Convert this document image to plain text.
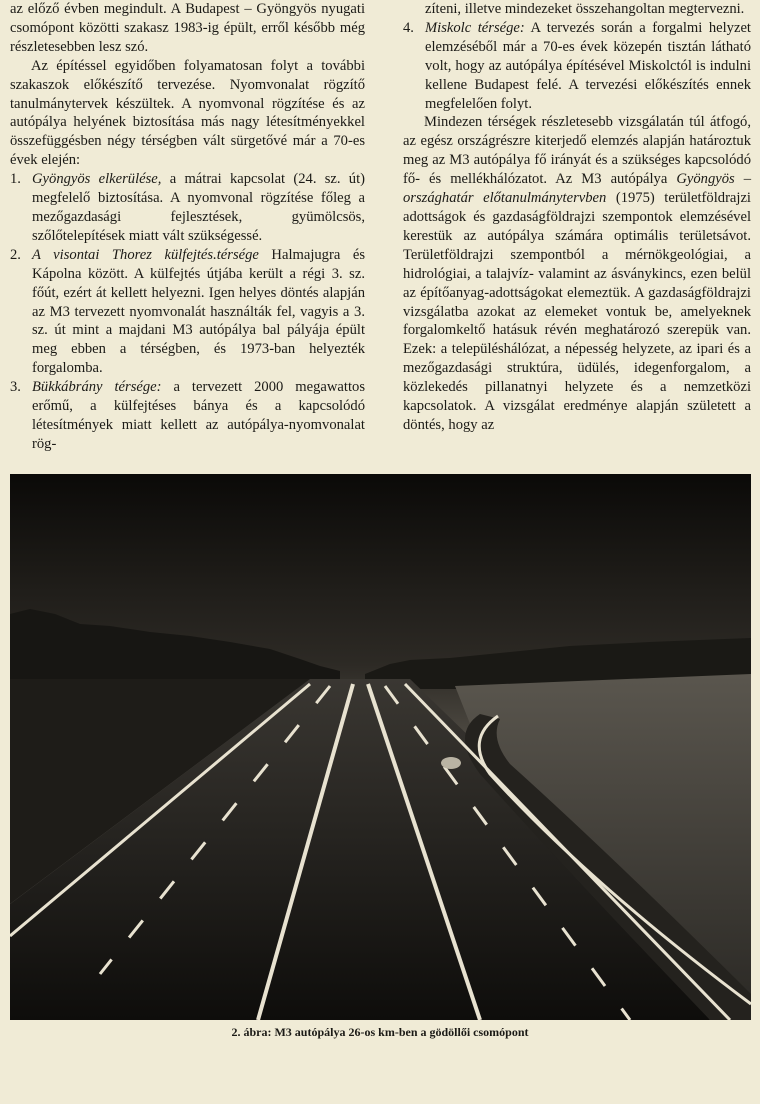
az előző évben megindult. A Budapest – Gyöngyös nyugati csomópont közötti szakasz 1983-ig épült, erről később még részletesebben lesz szó.

Az építéssel egyidőben folyamatosan folyt a további szakaszok előkészítő tervezése. Nyomvonalat rögzítő tanulmánytervek készültek. A nyomvonal rögzítése és az autópálya helyének biztosítása más nagy létesítményekkel összefüggésben négy térségben vált sürgetővé már a 70-es évek elején:

1. Gyöngyös elkerülése, a mátrai kapcsolat (24. sz. út) megfelelő biztosítása. A nyomvonal rögzítése főleg a mezőgazdasági fejlesztések, gyümölcsös, szőlőtelepítések miatt vált szükségessé.
2. A visontai Thorez külfejtés.térsége Halmajugra és Kápolna között. A külfejtés útjába került a régi 3. sz. főút, ezért át kellett helyezni. Igen helyes döntés alapján az M3 tervezett nyomvonalát használták fel, vagyis a 3. sz. út mint a majdani M3 autópálya bal pályája épült meg ebben a térségben, és 1973-ban helyezték forgalomba.
3. Bükkábrány térsége: a tervezett 2000 megawattos erőmű, a külfejtéses bánya és a kapcsolódó létesítmények miatt kellett az autópálya-nyomvonalat rög-

zíteni, illetve mindezeket összehangoltan megtervezni.

4. Miskolc térsége: A tervezés során a forgalmi helyzet elemzéséből már a 70-es évek közepén tisztán látható volt, hogy az autópálya építésével Miskolctól is indulni kellene Budapest felé. A tervezési előkészítés ennek megfelelően folyt.

Mindezen térségek részletesebb vizsgálatán túl átfogó, az egész országrészre kiterjedő elemzés alapján határoztuk meg az M3 autópálya fő irányát és a szükséges kapcsolódó fő- és mellékhálózatot. Az M3 autópálya Gyöngyös – országhatár előtanulmánytervben (1975) területföldrajzi adottságok és gazdaságföldrajzi szempontok elemzésével kerestük az autópálya számára optimális területsávot. Területföldrajzi szempontból a mérnökgeológiai, a hidrológiai, a talajvíz- valamint az ásványkincs, ezen belül az építőanyag-adottságokat elemeztük. A gazdaságföldrajzi vizsgálatba azokat az elemeket vontuk be, amelyeknek forgalomkeltő hatásuk révén meghatározó szerepük van. Ezek: a településhálózat, a népesség helyzete, az ipari és a mezőgazdasági struktúra, üdülés, idegenforgalom, a közlekedés pillanatnyi helyzete és a nemzetközi kapcsolatok. A vizsgálat eredménye alapján született a döntés, hogy az

2. ábra: M3 autópálya 26-os km-ben a gödöllői csomópont
